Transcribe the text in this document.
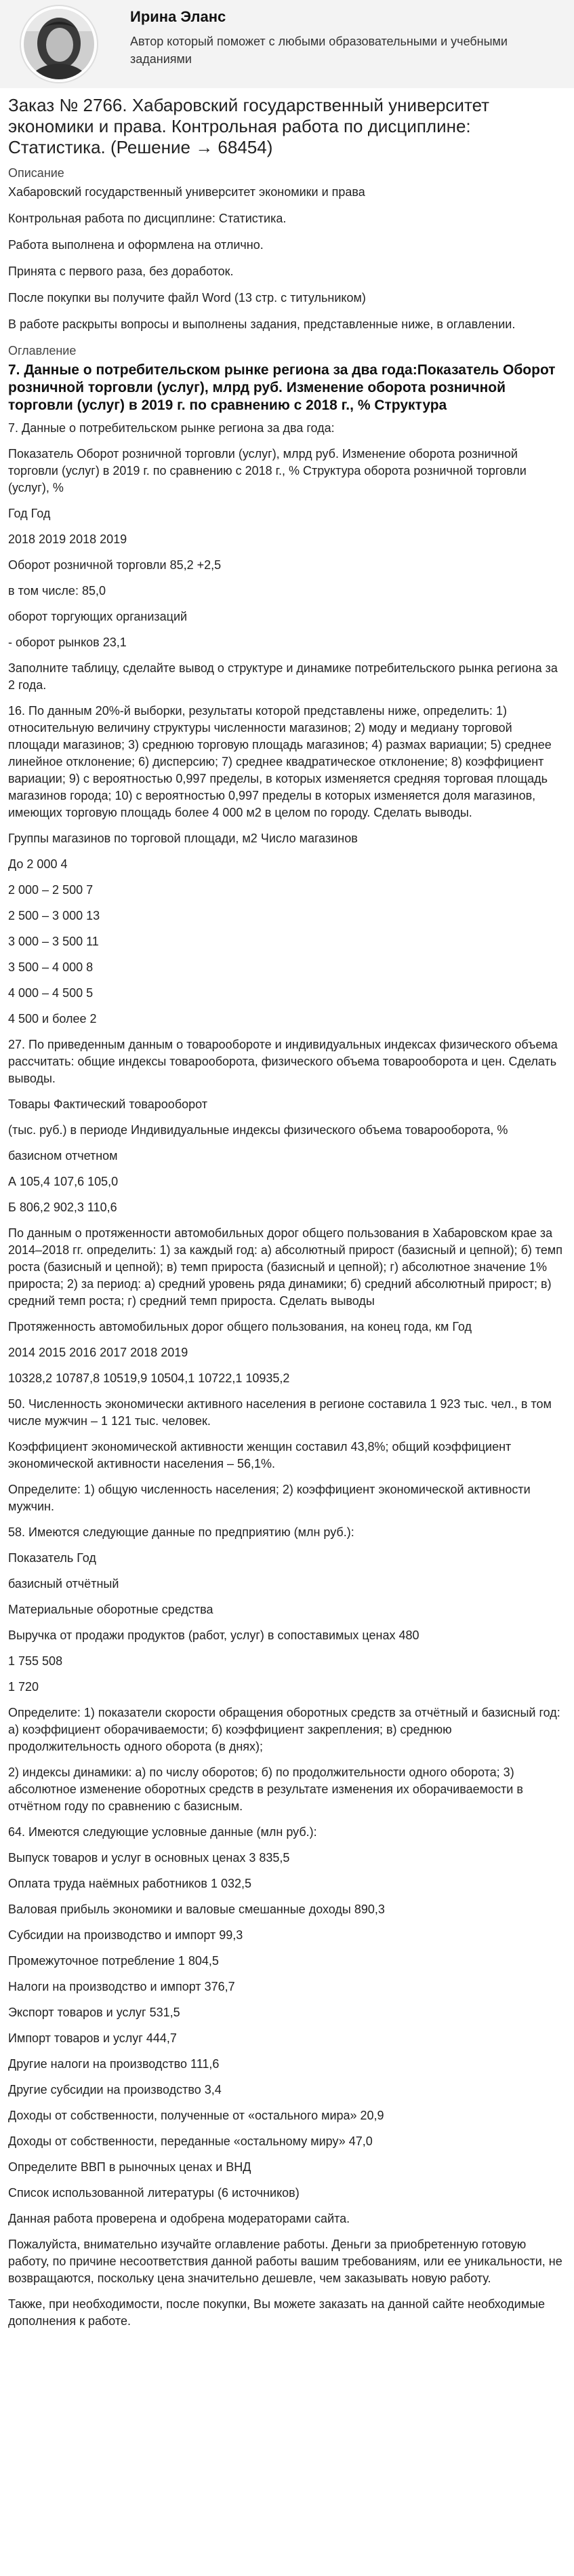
Ирина Эланс
Автор который поможет с любыми образовательными и учебными заданиями
Заказ № 2766. Хабаровский государственный университет экономики и права. Контрольная работа по дисциплине: Статистика. (Решение → 68454)
Описание

Хабаровский государственный университет экономики и права

Контрольная работа по дисциплине: Статистика.

Работа выполнена и оформлена на отлично.

Принята с первого раза, без доработок.

После покупки вы получите файл Word (13 стр. с титульником)

В работе раскрыты вопросы и выполнены задания, представленные ниже, в оглавлении.

Оглавление
7. Данные о потребительском рынке региона за два года:Показатель Оборот розничной торговли (услуг), млрд руб. Изменение оборота розничной торговли (услуг) в 2019 г. по сравнению с 2018 г., % Структура

7. Данные о потребительском рынке региона за два года:

Показатель Оборот розничной торговли (услуг), млрд руб. Изменение оборота розничной торговли (услуг) в 2019 г. по сравнению с 2018 г., % Структура оборота розничной торговли (услуг), %

Год Год

2018 2019 2018 2019

Оборот розничной торговли 85,2 +2,5

в том числе: 85,0

оборот торгующих организаций

- оборот рынков 23,1

Заполните таблицу, сделайте вывод о структуре и динамике потребительского рынка региона за 2 года.

16. По данным 20%-й выборки, результаты которой представлены ниже, определить: 1) относительную величину структуры численности магазинов; 2) моду и медиану торговой площади магазинов; 3) среднюю торговую площадь магазинов; 4) размах вариации; 5) среднее линейное отклонение; 6) дисперсию; 7) среднее квадратическое отклонение; 8) коэффициент вариации; 9) с вероятностью 0,997 пределы, в которых изменяется средняя торговая площадь магазинов города; 10) с вероятностью 0,997 пределы в которых изменяется доля магазинов, имеющих торговую площадь более 4 000 м2 в целом по городу. Сделать выводы.

Группы магазинов по торговой площади, м2 Число магазинов

До 2 000 4

2 000 – 2 500 7

2 500 – 3 000 13

3 000 – 3 500 11

3 500 – 4 000 8

4 000 – 4 500 5

4 500 и более 2

27. По приведенным данным о товарообороте и индивидуальных индексах физического объема рассчитать: общие индексы товарооборота, физического объема товарооборота и цен. Сделать выводы.

Товары Фактический товарооборот

(тыс. руб.) в периоде Индивидуальные индексы физического объема товарооборота, %

базисном отчетном

А 105,4 107,6 105,0

Б 806,2 902,3 110,6

По данным о протяженности автомобильных дорог общего пользования в Хабаровском крае за 2014–2018 гг. определить: 1) за каждый год: а) абсолютный прирост (базисный и цепной); б) темп роста (базисный и цепной); в) темп прироста (базисный и цепной); г) абсолютное значение 1% прироста; 2) за период: а) средний уровень ряда динамики; б) средний абсолютный прирост; в) средний темп роста; г) средний темп прироста. Сделать выводы

Протяженность автомобильных дорог общего пользования, на конец года, км Год

2014 2015 2016 2017 2018 2019

10328,2 10787,8 10519,9 10504,1 10722,1 10935,2

50. Численность экономически активного населения в регионе составила 1 923 тыс. чел., в том числе мужчин – 1 121 тыс. человек.

Коэффициент экономической активности женщин составил 43,8%; общий коэффициент экономической активности населения – 56,1%.

Определите: 1) общую численность населения; 2) коэффициент экономической активности мужчин.

58. Имеются следующие данные по предприятию (млн руб.):

Показатель Год

базисный отчётный

Материальные оборотные средства

Выручка от продажи продуктов (работ, услуг) в сопоставимых ценах 480

1 755 508

1 720

Определите: 1) показатели скорости обращения оборотных средств за отчётный и базисный год: а) коэффициент оборачиваемости; б) коэффициент закрепления; в) среднюю продолжительность одного оборота (в днях);

2) индексы динамики: а) по числу оборотов; б) по продолжительности одного оборота; 3) абсолютное изменение оборотных средств в результате изменения их оборачиваемости в отчётном году по сравнению с базисным.

64. Имеются следующие условные данные (млн руб.):

Выпуск товаров и услуг в основных ценах 3 835,5

Оплата труда наёмных работников 1 032,5

Валовая прибыль экономики и валовые смешанные доходы 890,3

Субсидии на производство и импорт 99,3

Промежуточное потребление 1 804,5

Налоги на производство и импорт 376,7

Экспорт товаров и услуг 531,5

Импорт товаров и услуг 444,7

Другие налоги на производство 111,6

Другие субсидии на производство 3,4

Доходы от собственности, полученные от «остального мира» 20,9

Доходы от собственности, переданные «остальному миру» 47,0

Определите ВВП в рыночных ценах и ВНД

Список использованной литературы (6 источников)

Данная работа проверена и одобрена модераторами сайта.

Пожалуйста, внимательно изучайте оглавление работы. Деньги за приобретенную готовую работу, по причине несоответствия данной работы вашим требованиям, или ее уникальности, не возвращаются, поскольку цена значительно дешевле, чем заказывать новую работу.

Также, при необходимости, после покупки, Вы можете заказать на данной сайте необходимые дополнения к работе.
